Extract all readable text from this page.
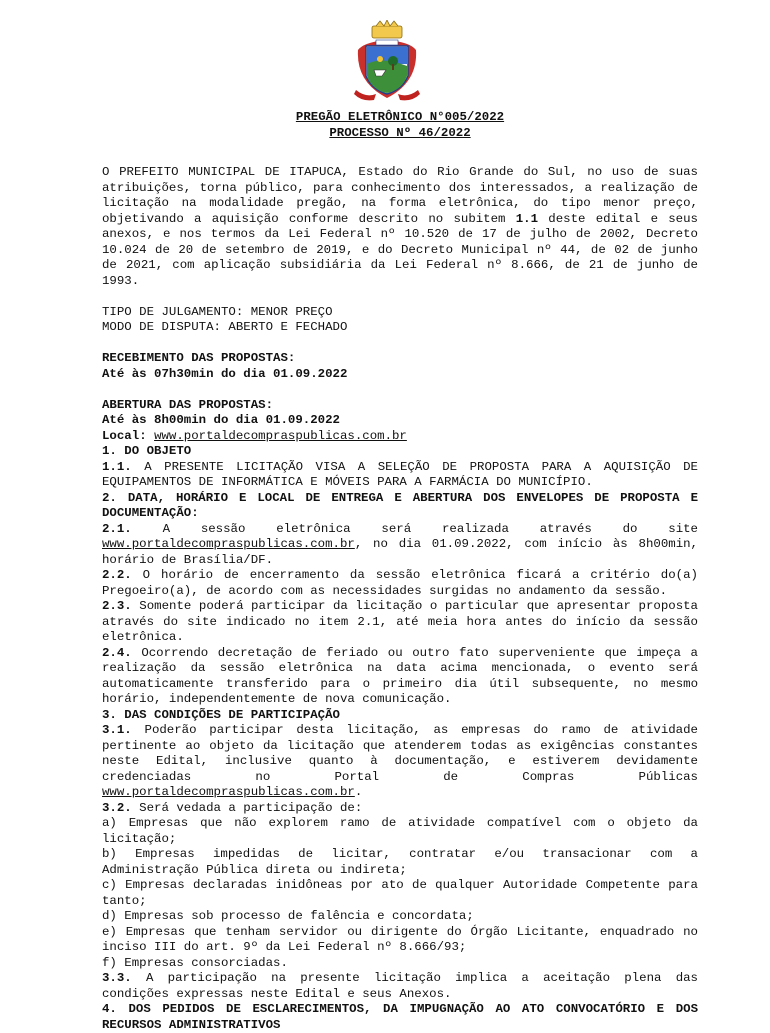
PREGÃO ELETRÔNICO N°005/2022
PROCESSO Nº 46/2022

O PREFEITO MUNICIPAL DE ITAPUCA, Estado do Rio Grande do Sul, no uso de suas atribuições, torna público, para conhecimento dos interessados, a realização de licitação na modalidade pregão, na forma eletrônica, do tipo menor preço, objetivando a aquisição conforme descrito no subitem 1.1 deste edital e seus anexos, e nos termos da Lei Federal nº 10.520 de 17 de julho de 2002, Decreto 10.024 de 20 de setembro de 2019, e do Decreto Municipal nº 44, de 02 de junho de 2021, com aplicação subsidiária da Lei Federal nº 8.666, de 21 de junho de 1993.

TIPO DE JULGAMENTO: MENOR PREÇO

MODO DE DISPUTA: ABERTO E FECHADO

RECEBIMENTO DAS PROPOSTAS:

Até às 07h30min do dia 01.09.2022

ABERTURA DAS PROPOSTAS:

Até às 8h00min do dia 01.09.2022

Local: www.portaldecompraspublicas.com.br

1. DO OBJETO

1.1. A PRESENTE LICITAÇÃO VISA A SELEÇÃO DE PROPOSTA PARA A AQUISIÇÃO DE EQUIPAMENTOS DE INFORMÁTICA E MÓVEIS PARA A FARMÁCIA DO MUNICÍPIO.

2. DATA, HORÁRIO E LOCAL DE ENTREGA E ABERTURA DOS ENVELOPES DE PROPOSTA E DOCUMENTAÇÃO:

2.1. A sessão eletrônica será realizada através do site

www.portaldecompraspublicas.com.br, no dia 01.09.2022, com início às 8h00min, horário de Brasília/DF.

2.2. O horário de encerramento da sessão eletrônica ficará a critério do(a) Pregoeiro(a), de acordo com as necessidades surgidas no andamento da sessão.

2.3. Somente poderá participar da licitação o particular que apresentar proposta através do site indicado no item 2.1, até meia hora antes do início da sessão eletrônica.

2.4. Ocorrendo decretação de feriado ou outro fato superveniente que impeça a realização da sessão eletrônica na data acima mencionada, o evento será automaticamente transferido para o primeiro dia útil subsequente, no mesmo horário, independentemente de nova comunicação.

3. DAS CONDIÇÕES DE PARTICIPAÇÃO

3.1. Poderão participar desta licitação, as empresas do ramo de atividade pertinente ao objeto da licitação que atenderem todas as exigências constantes neste Edital, inclusive quanto à documentação, e estiverem devidamente credenciadas no Portal de Compras Públicas

www.portaldecompraspublicas.com.br.

3.2. Será vedada a participação de:

a) Empresas que não explorem ramo de atividade compatível com o objeto da licitação;

b) Empresas impedidas de licitar, contratar e/ou transacionar com a Administração Pública direta ou indireta;

c) Empresas declaradas inidôneas por ato de qualquer Autoridade Competente para tanto;

d) Empresas sob processo de falência e concordata;

e) Empresas que tenham servidor ou dirigente do Órgão Licitante, enquadrado no inciso III do art. 9º da Lei Federal nº 8.666/93;

f) Empresas consorciadas.

3.3. A participação na presente licitação implica a aceitação plena das condições expressas neste Edital e seus Anexos.

4. DOS PEDIDOS DE ESCLARECIMENTOS, DA IMPUGNAÇÃO AO ATO CONVOCATÓRIO E DOS RECURSOS ADMINISTRATIVOS
